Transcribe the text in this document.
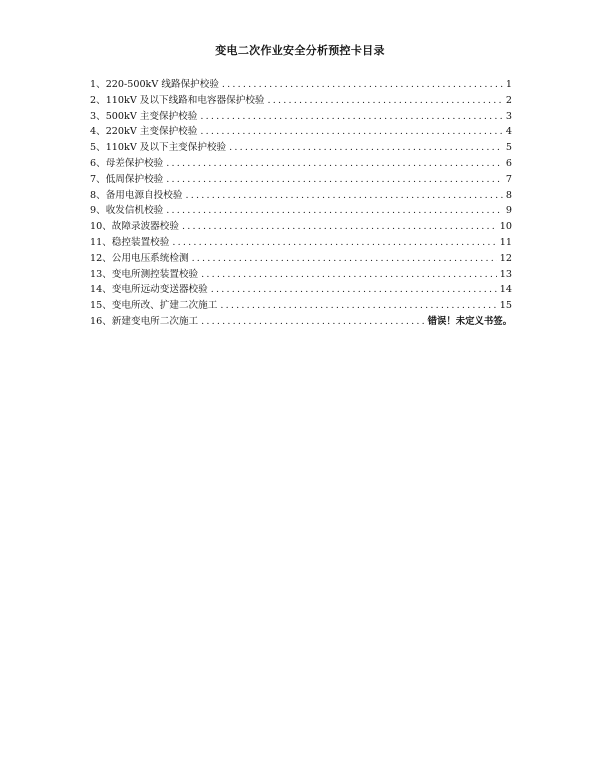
变电二次作业安全分析预控卡目录
1、220-500kV 线路保护校验 .....	1
2、110kV 及以下线路和电容器保护校验 .....	2
3、500kV 主变保护校验 .....	3
4、220kV 主变保护校验 .....	4
5、110kV 及以下主变保护校验 .....	5
6、母差保护校验 .....	6
7、低周保护校验 .....	7
8、备用电源自投校验 .....	8
9、收发信机校验 .....	9
10、故障录波器校验 .....	10
11、稳控装置校验 .....	11
12、公用电压系统检测 .....	12
13、变电所测控装置校验 .....	13
14、变电所远动变送器校验 .....	14
15、变电所改、扩建二次施工 .....	15
16、新建变电所二次施工 .....	错误！未定义书签。
